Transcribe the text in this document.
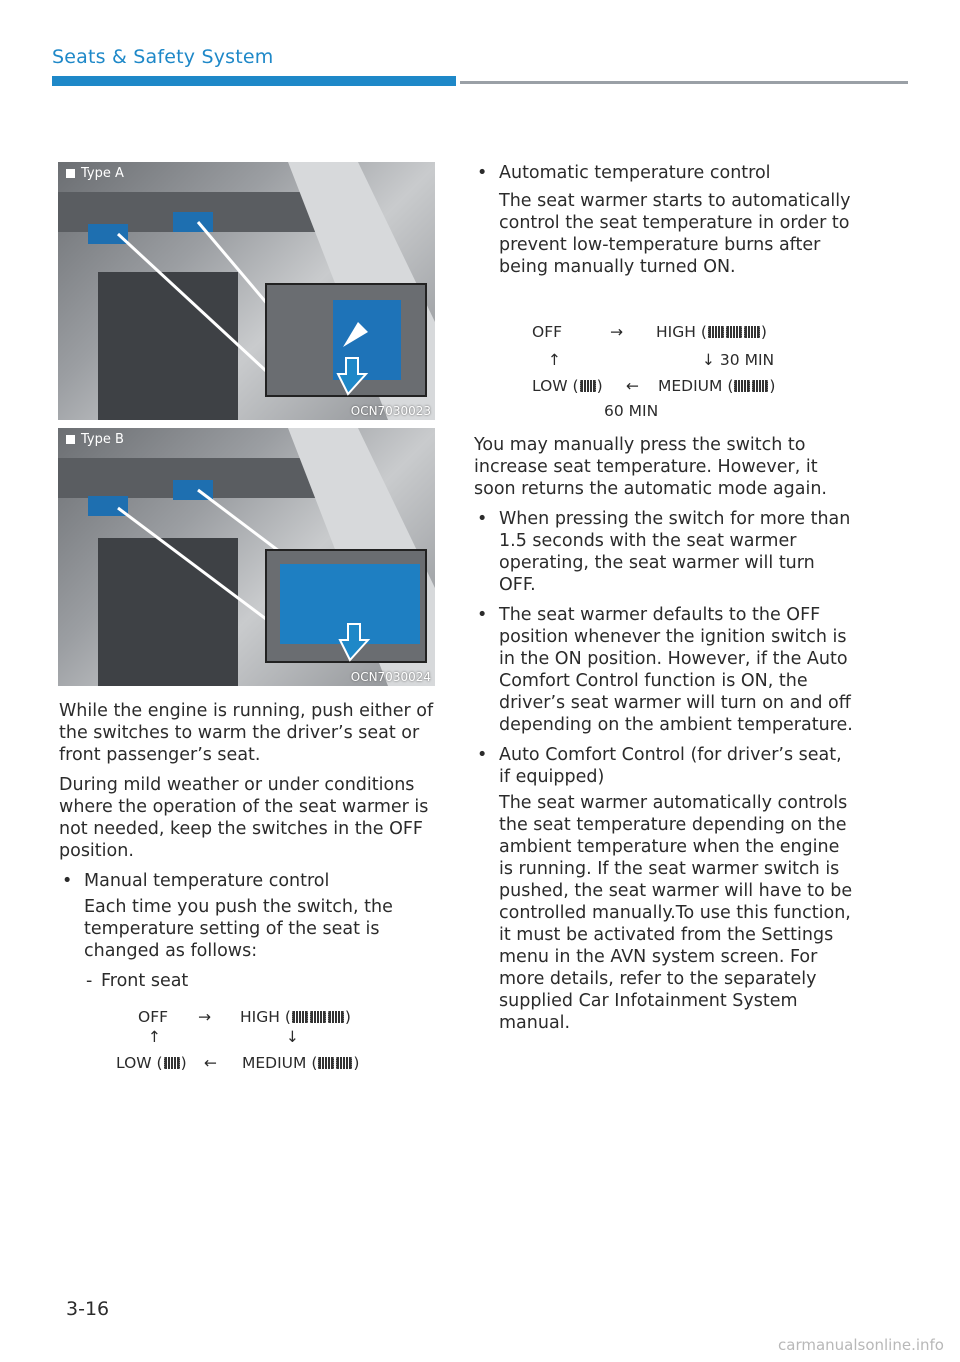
Seats & Safety System
Type A
OCN7030023
Type B
OCN7030024

While the engine is running, push either of the switches to warm the driver’s seat or front passenger’s seat.

During mild weather or under conditions where the operation of the seat warmer is not needed, keep the switches in the OFF position.

• Manual temperature control

Each time you push the switch, the temperature setting of the seat is changed as follows:

- Front seat
OFF → HIGH (	)
↑	↓
LOW ( ) ← MEDIUM ( )
• Automatic temperature control

The seat warmer starts to automatically control the seat temperature in order to prevent low-temperature burns after being manually turned ON.

OFF	→ HIGH (	)
↑	↓ 30 MIN
LOW ( ) ← MEDIUM ( )
60 MIN

You may manually press the switch to increase seat temperature. However, it soon returns the automatic mode again.

• When pressing the switch for more than 1.5 seconds with the seat warmer operating, the seat warmer will turn OFF.
• The seat warmer defaults to the OFF position whenever the ignition switch is in the ON position. However, if the Auto Comfort Control function is ON, the driver’s seat warmer will turn on and off depending on the ambient temperature.
• Auto Comfort Control (for driver’s seat, if equipped)

The seat warmer automatically controls the seat temperature depending on the ambient temperature when the engine is running. If the seat warmer switch is pushed, the seat warmer will have to be controlled manually.To use this function, it must be activated from the Settings menu in the AVN system screen. For more details, refer to the separately supplied Car Infotainment System manual.

3-16
carmanualsonline.info
